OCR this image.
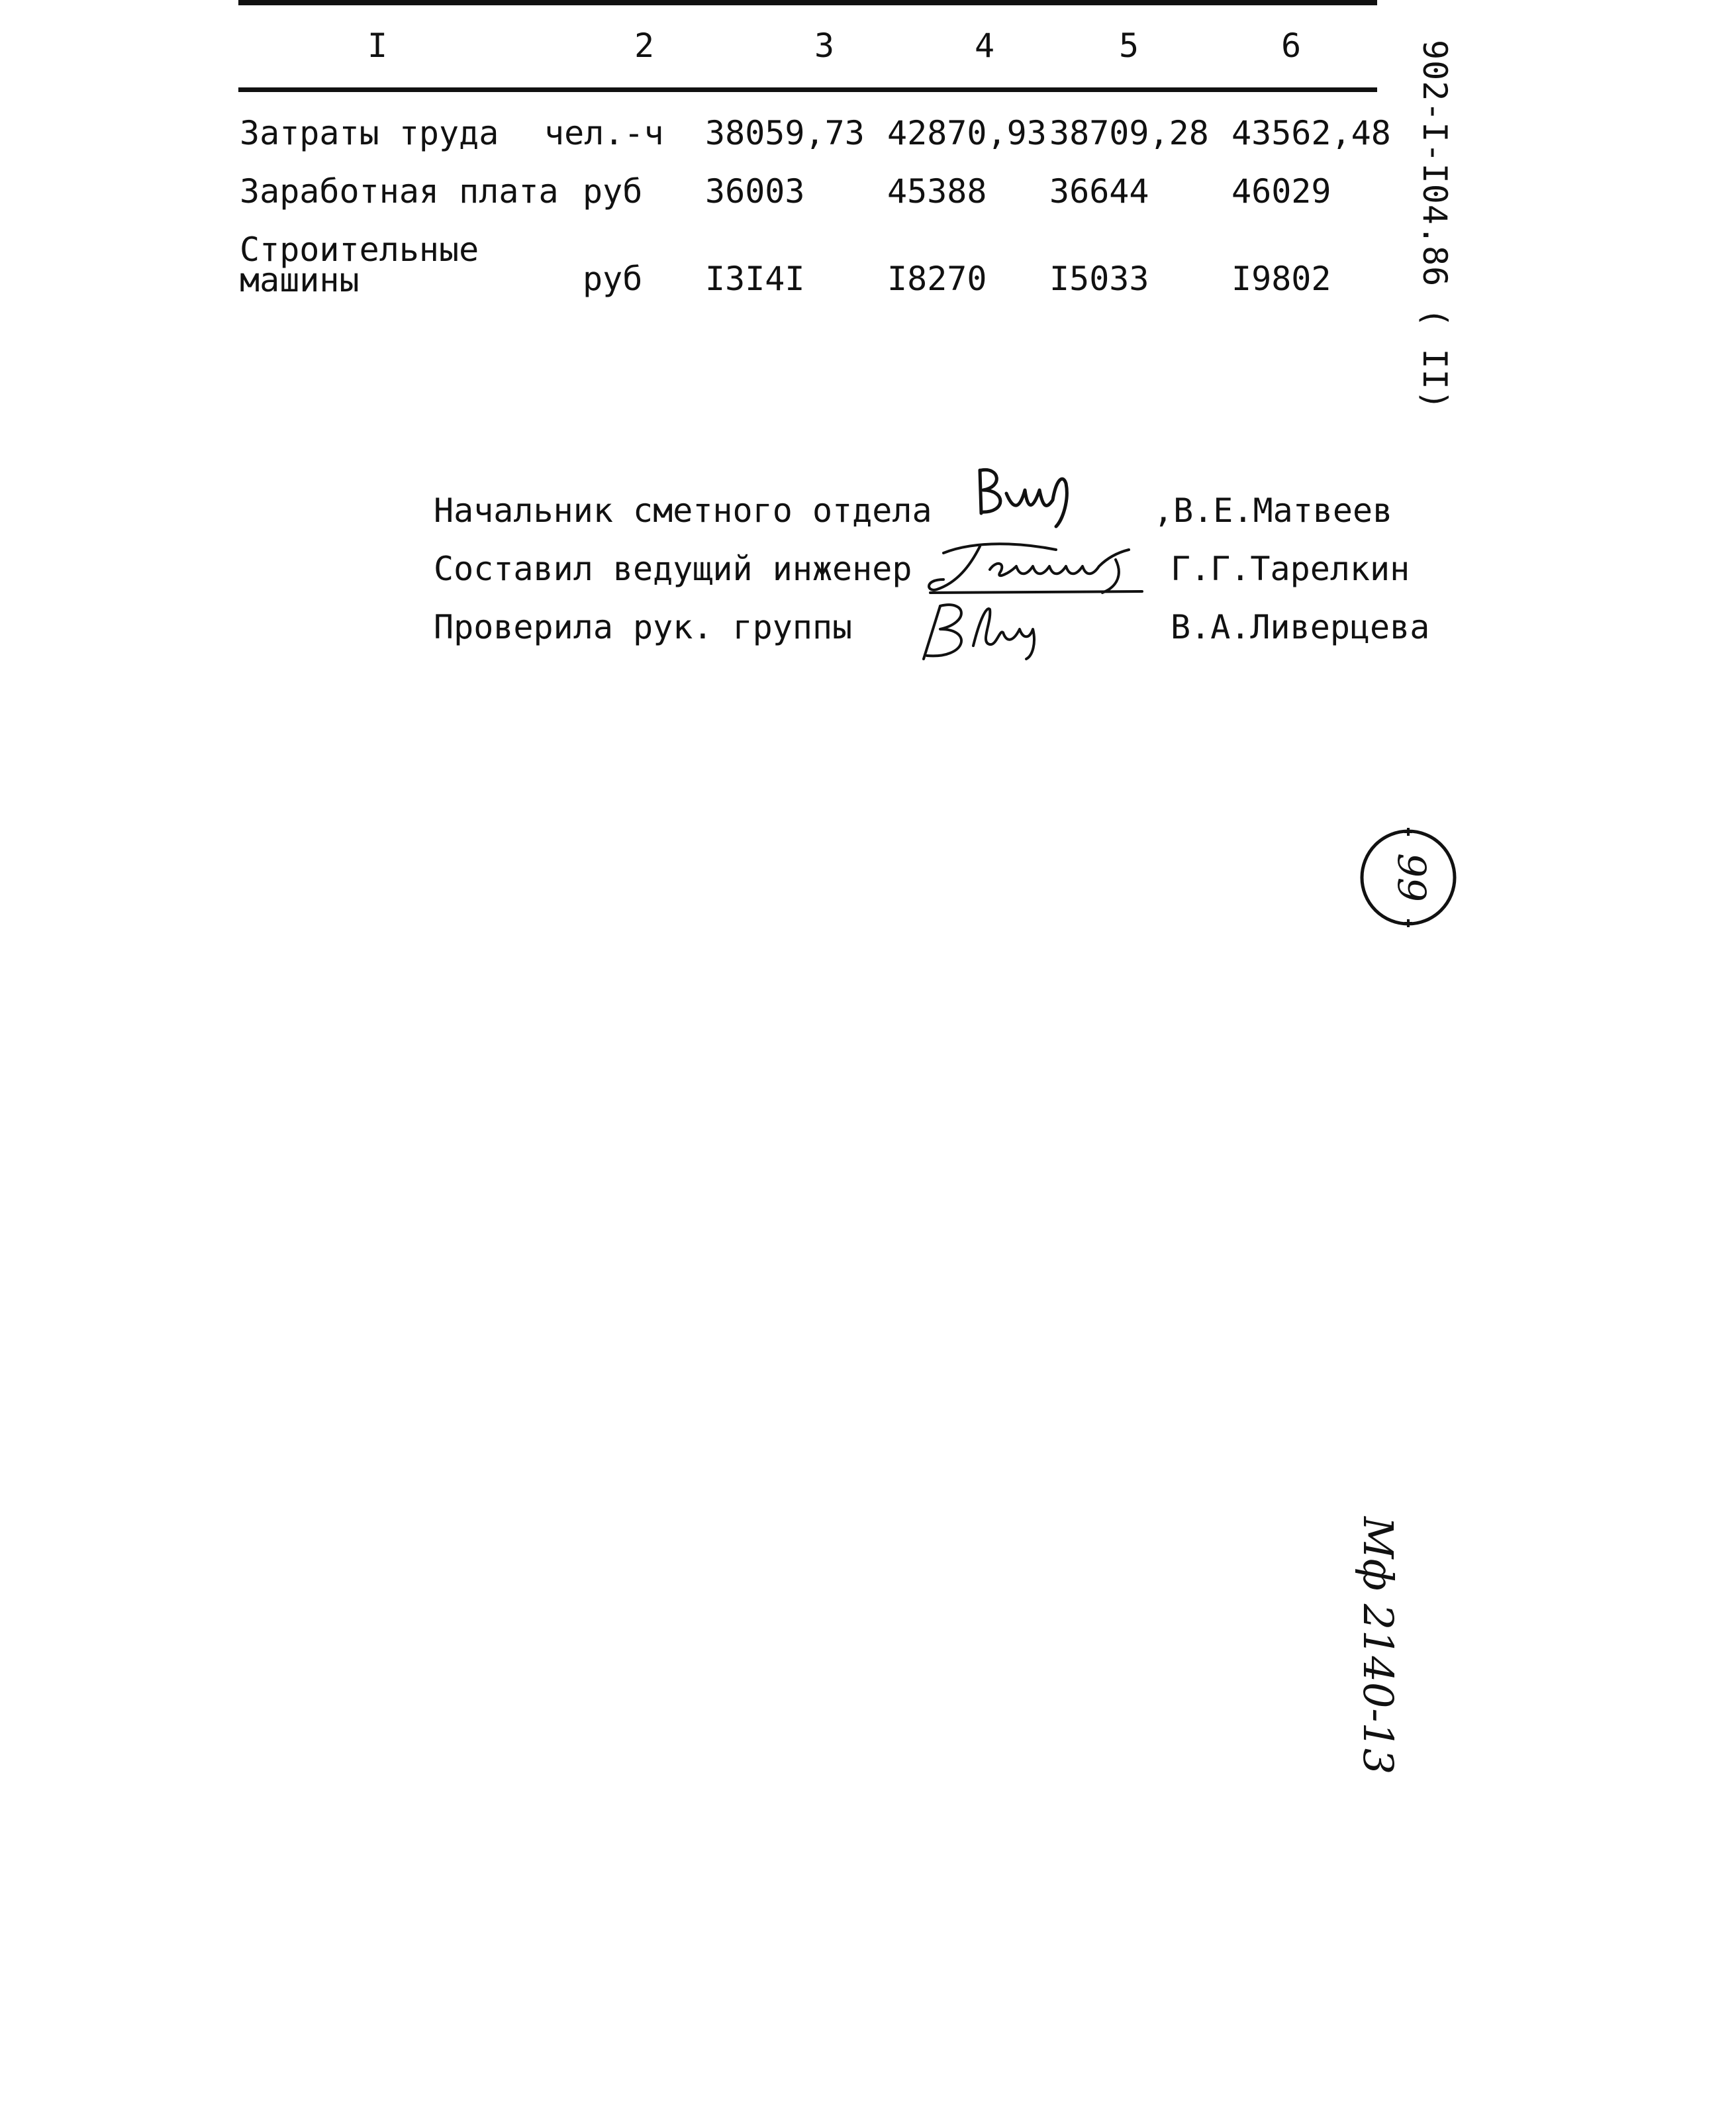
I	2	3	4	5	6
Затраты труда чел.-ч 38059,73 42870,93 38709,28 43562,48
Заработная плата руб 36003 45388 36644 46029
Строительные
машины	руб I3I4I I8270 I5033 I9802	902-I-I04.86 ( II)
Начальник сметного отдела
Составил ведущий инженер
Проверила рук. группы
,В.Е.Матвеев
Г.Г.Тарелкин
В.А.Ливерцева
99
Мф 2140-13
